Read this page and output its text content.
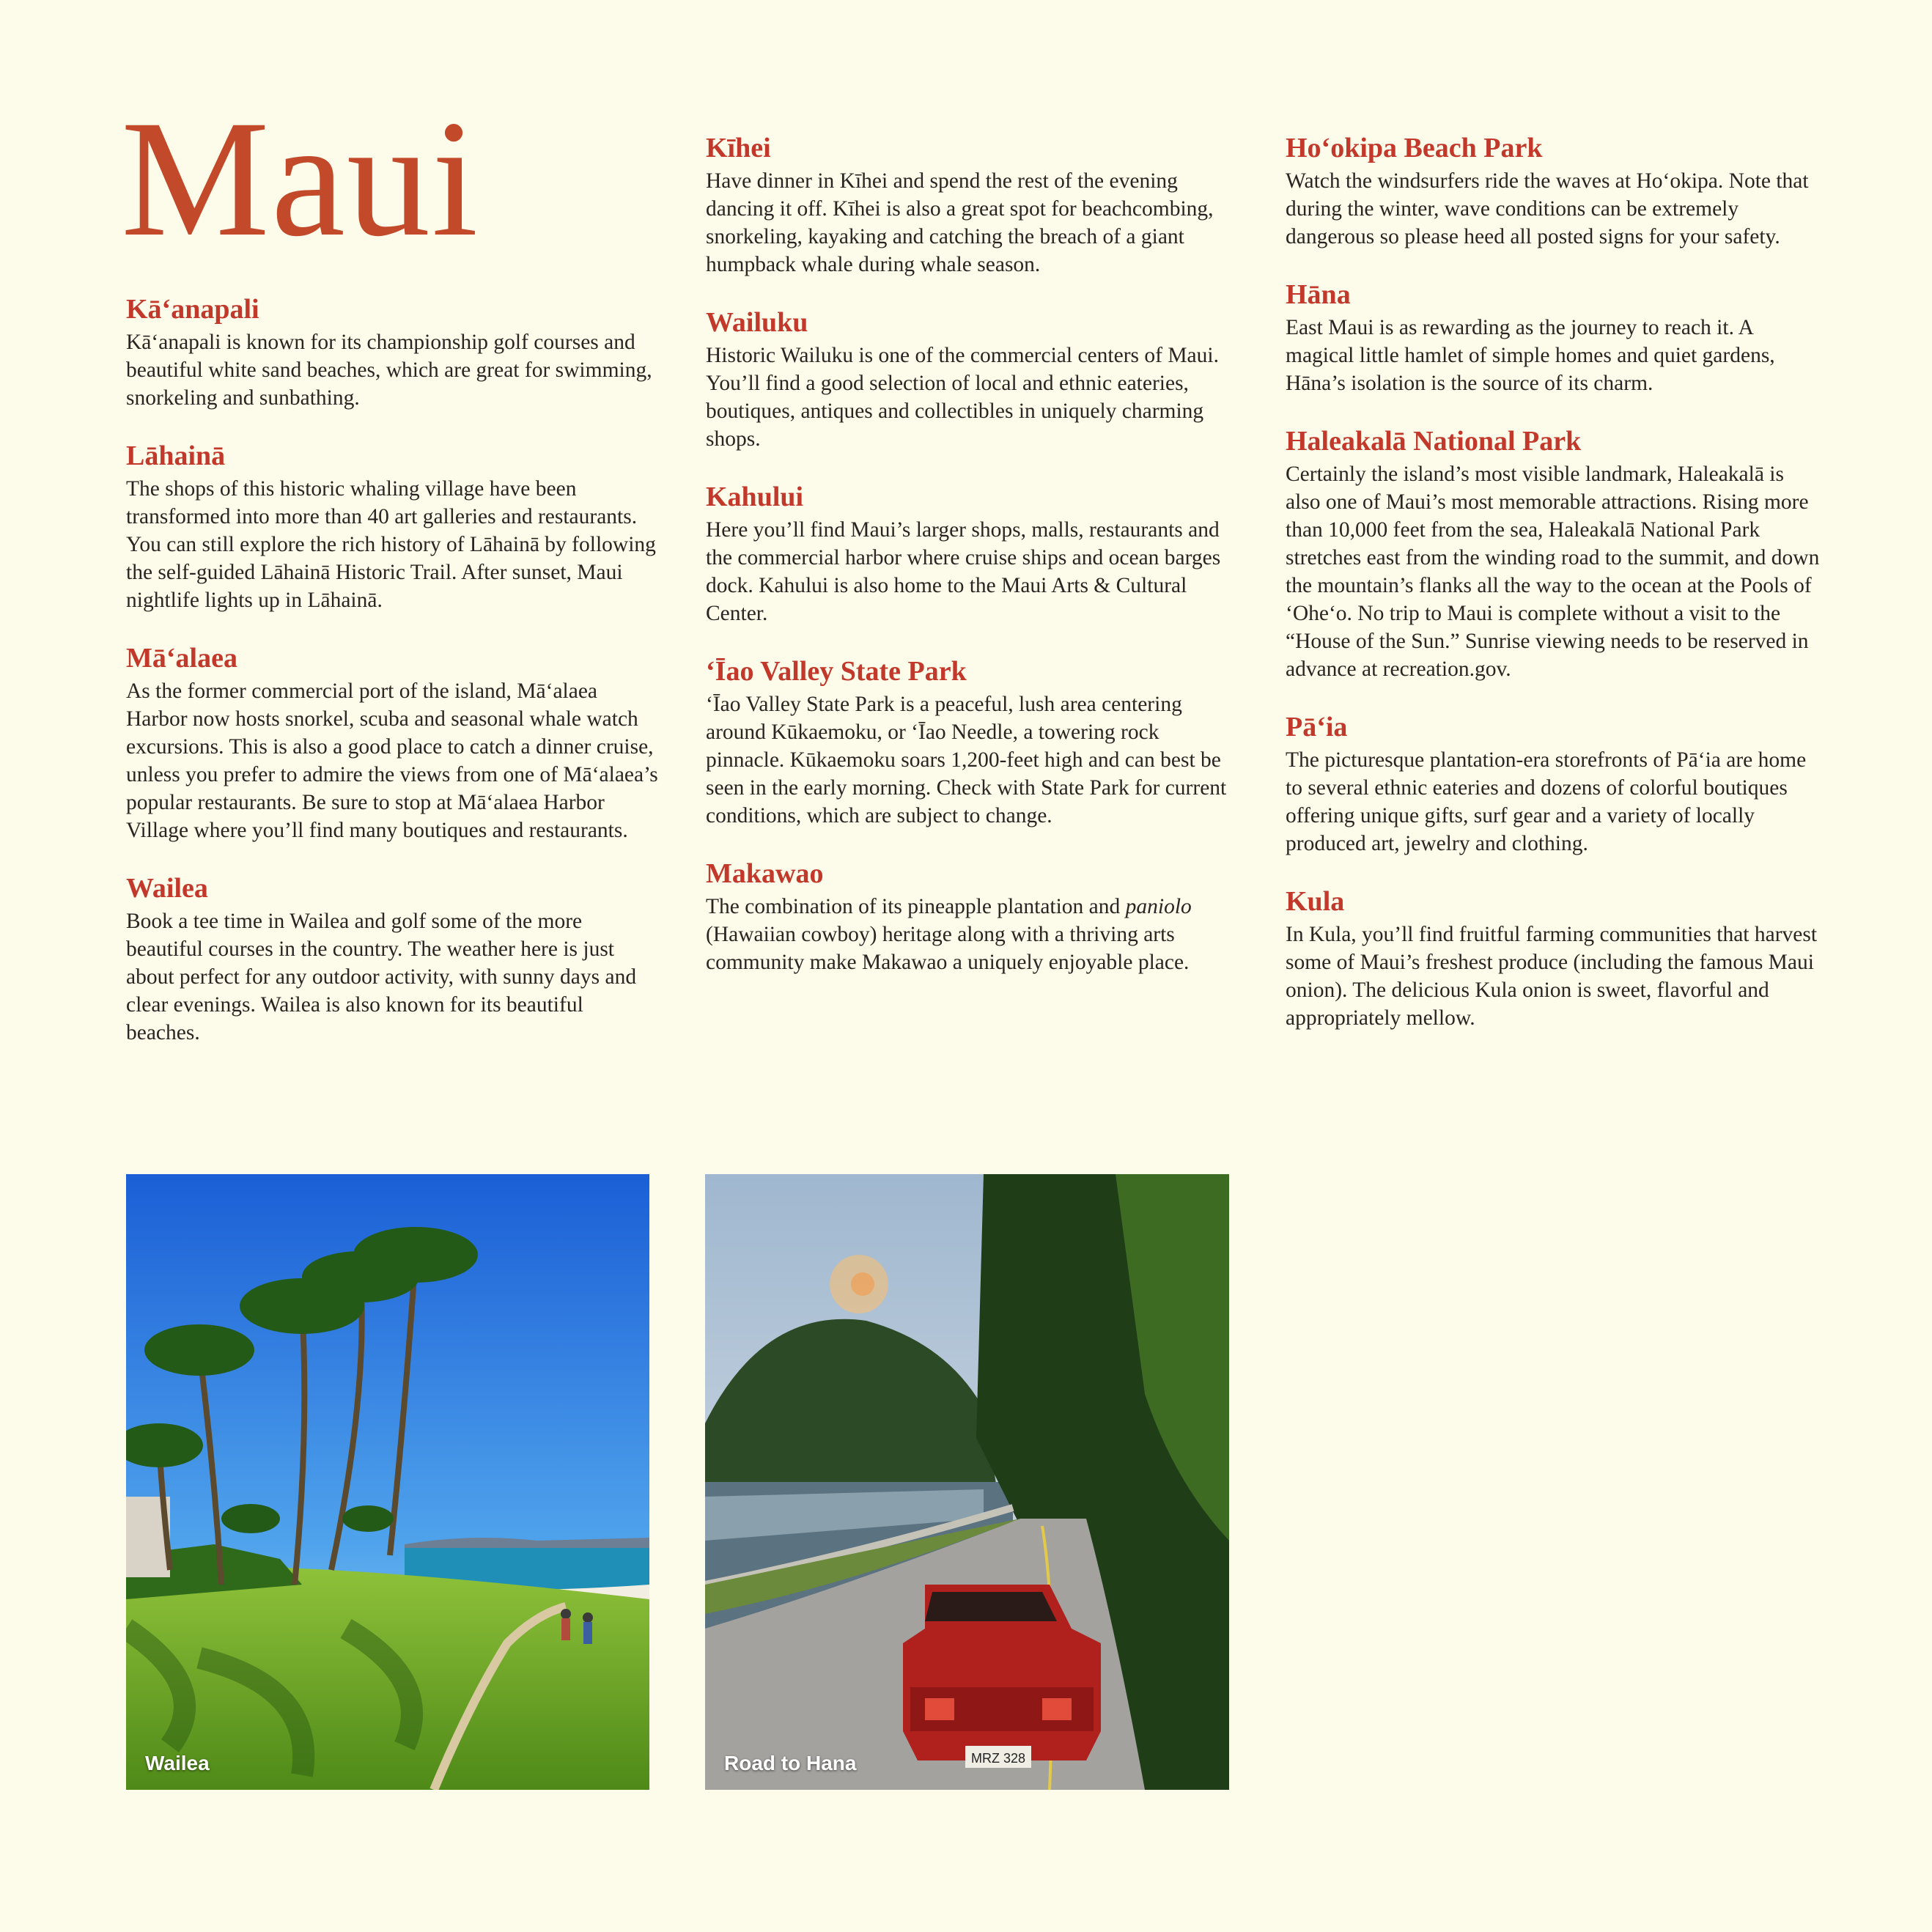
Maui
Kāʻanapali

Kāʻanapali is known for its championship golf courses and beautiful white sand beaches, which are great for swimming, snorkeling and sunbathing.

Lāhainā

The shops of this historic whaling village have been transformed into more than 40 art galleries and restaurants. You can still explore the rich history of Lāhainā by following the self-guided Lāhainā Historic Trail. After sunset, Maui nightlife lights up in Lāhainā.

Māʻalaea

As the former commercial port of the island, Māʻalaea Harbor now hosts snorkel, scuba and seasonal whale watch excursions. This is also a good place to catch a dinner cruise, unless you prefer to admire the views from one of Māʻalaea’s popular restaurants. Be sure to stop at Māʻalaea Harbor Village where you’ll find many boutiques and restaurants.

Wailea

Book a tee time in Wailea and golf some of the more beautiful courses in the country. The weather here is just about perfect for any outdoor activity, with sunny days and clear evenings. Wailea is also known for its beautiful beaches.

Kīhei

Have dinner in Kīhei and spend the rest of the evening dancing it off. Kīhei is also a great spot for beachcombing, snorkeling, kayaking and catching the breach of a giant humpback whale during whale season.

Wailuku

Historic Wailuku is one of the commercial centers of Maui. You’ll find a good selection of local and ethnic eateries, boutiques, antiques and collectibles in uniquely charming shops.

Kahului

Here you’ll find Maui’s larger shops, malls, restaurants and the commercial harbor where cruise ships and ocean barges dock. Kahului is also home to the Maui Arts & Cultural Center.

ʻĪao Valley State Park

ʻĪao Valley State Park is a peaceful, lush area centering around Kūkaemoku, or ʻĪao Needle, a towering rock pinnacle. Kūkaemoku soars 1,200-feet high and can best be seen in the early morning. Check with State Park for current conditions, which are subject to change.

Makawao

The combination of its pineapple plantation and paniolo (Hawaiian cowboy) heritage along with a thriving arts community make Makawao a uniquely enjoyable place.

Hoʻokipa Beach Park

Watch the windsurfers ride the waves at Hoʻokipa. Note that during the winter, wave conditions can be extremely dangerous so please heed all posted signs for your safety.

Hāna

East Maui is as rewarding as the journey to reach it. A magical little hamlet of simple homes and quiet gardens, Hāna’s isolation is the source of its charm.

Haleakalā National Park

Certainly the island’s most visible landmark, Haleakalā is also one of Maui’s most memorable attractions. Rising more than 10,000 feet from the sea, Haleakalā National Park stretches east from the winding road to the summit, and down the mountain’s flanks all the way to the ocean at the Pools of ʻOheʻo. No trip to Maui is complete without a visit to the “House of the Sun.” Sunrise viewing needs to be reserved in advance at recreation.gov.

Pāʻia

The picturesque plantation-era storefronts of Pāʻia are home to several ethnic eateries and dozens of colorful boutiques offering unique gifts, surf gear and a variety of locally produced art, jewelry and clothing.

Kula

In Kula, you’ll find fruitful farming communities that harvest some of Maui’s freshest produce (including the famous Maui onion). The delicious Kula onion is sweet, flavorful and appropriately mellow.

Wailea	MRZ 328
Road to Hana
